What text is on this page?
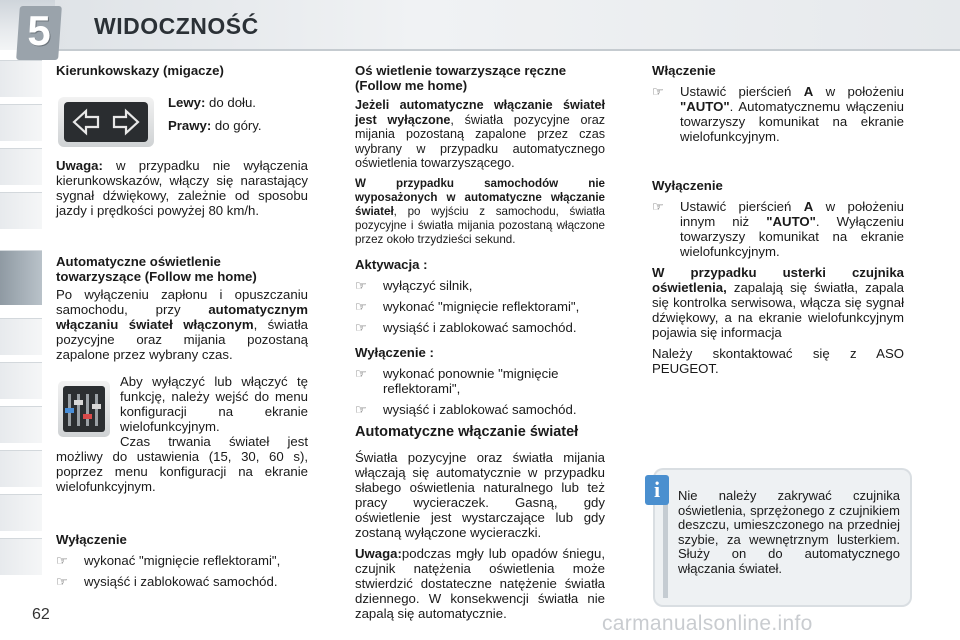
5	WIDOCZNOŚĆ
Kierunkowskazy (migacze)
Lewy: do dołu.
Prawy: do góry.
Uwaga: w przypadku nie wyłączenia kierunkowskazów, włączy się narastający sygnał dźwiękowy, zależnie od sposobu jazdy i prędkości powyżej 80 km/h.
Automatyczne oświetlenie towarzyszące (Follow me home)
Po wyłączeniu zapłonu i opuszczaniu samochodu, przy automatycznym włączaniu świateł włączonym, światła pozycyjne oraz mijania pozostaną zapalone przez wybrany czas.
Aby wyłączyć lub włączyć tę funkcję, należy wejść do menu konfiguracji na ekranie wielofunkcyjnym.
Czas trwania świateł jest możliwy do ustawienia (15, 30, 60 s), poprzez menu konfiguracji na ekranie wielofunkcyjnym.
Wyłączenie
☞ wykonać "mignięcie reflektorami",
☞ wysiąść i zablokować samochód.
Oś wietlenie towarzyszące ręczne (Follow me home)
Jeżeli automatyczne włączanie świateł jest wyłączone, światła pozycyjne oraz mijania pozostaną zapalone przez czas wybrany w przypadku automatycznego oświetlenia towarzyszącego.
W przypadku samochodów nie wyposażonych w automatyczne włączanie świateł, po wyjściu z samochodu, światła pozycyjne i światła mijania pozostaną włączone przez około trzydzieści sekund.
Aktywacja :
☞ wyłączyć silnik,
☞ wykonać "mignięcie reflektorami",
☞ wysiąść i zablokować samochód.
Wyłączenie :
☞ wykonać ponownie "mignięcie reflektorami",
☞ wysiąść i zablokować samochód.
Automatyczne włączanie świateł
Światła pozycyjne oraz światła mijania włączają się automatycznie w przypadku słabego oświetlenia naturalnego lub też pracy wycieraczek. Gasną, gdy oświetlenie jest wystarczające lub gdy zostaną wyłączone wycieraczki.
Uwaga:podczas mgły lub opadów śniegu, czujnik natężenia oświetlenia może stwierdzić dostateczne natężenie światła dziennego. W konsekwencji światła nie zapalą się automatycznie.
Włączenie
☞ Ustawić pierścień A w położeniu "AUTO". Automatycznemu włączeniu towarzyszy komunikat na ekranie wielofunkcyjnym.
Wyłączenie
☞ Ustawić pierścień A w położeniu innym niż "AUTO". Wyłączeniu towarzyszy komunikat na ekranie wielofunkcyjnym.
W przypadku usterki czujnika oświetlenia, zapalają się światła, zapala się kontrolka serwisowa, włącza się sygnał dźwiękowy, a na ekranie wielofunkcyjnym pojawia się informacja
Należy skontaktować się z ASO PEUGEOT.
i	Nie należy zakrywać czujnika oświetlenia, sprzężonego z czujnikiem deszczu, umieszczonego na przedniej szybie, za wewnętrznym lusterkiem. Służy on do automatycznego włączania świateł.
62	carmanualsonline.info
